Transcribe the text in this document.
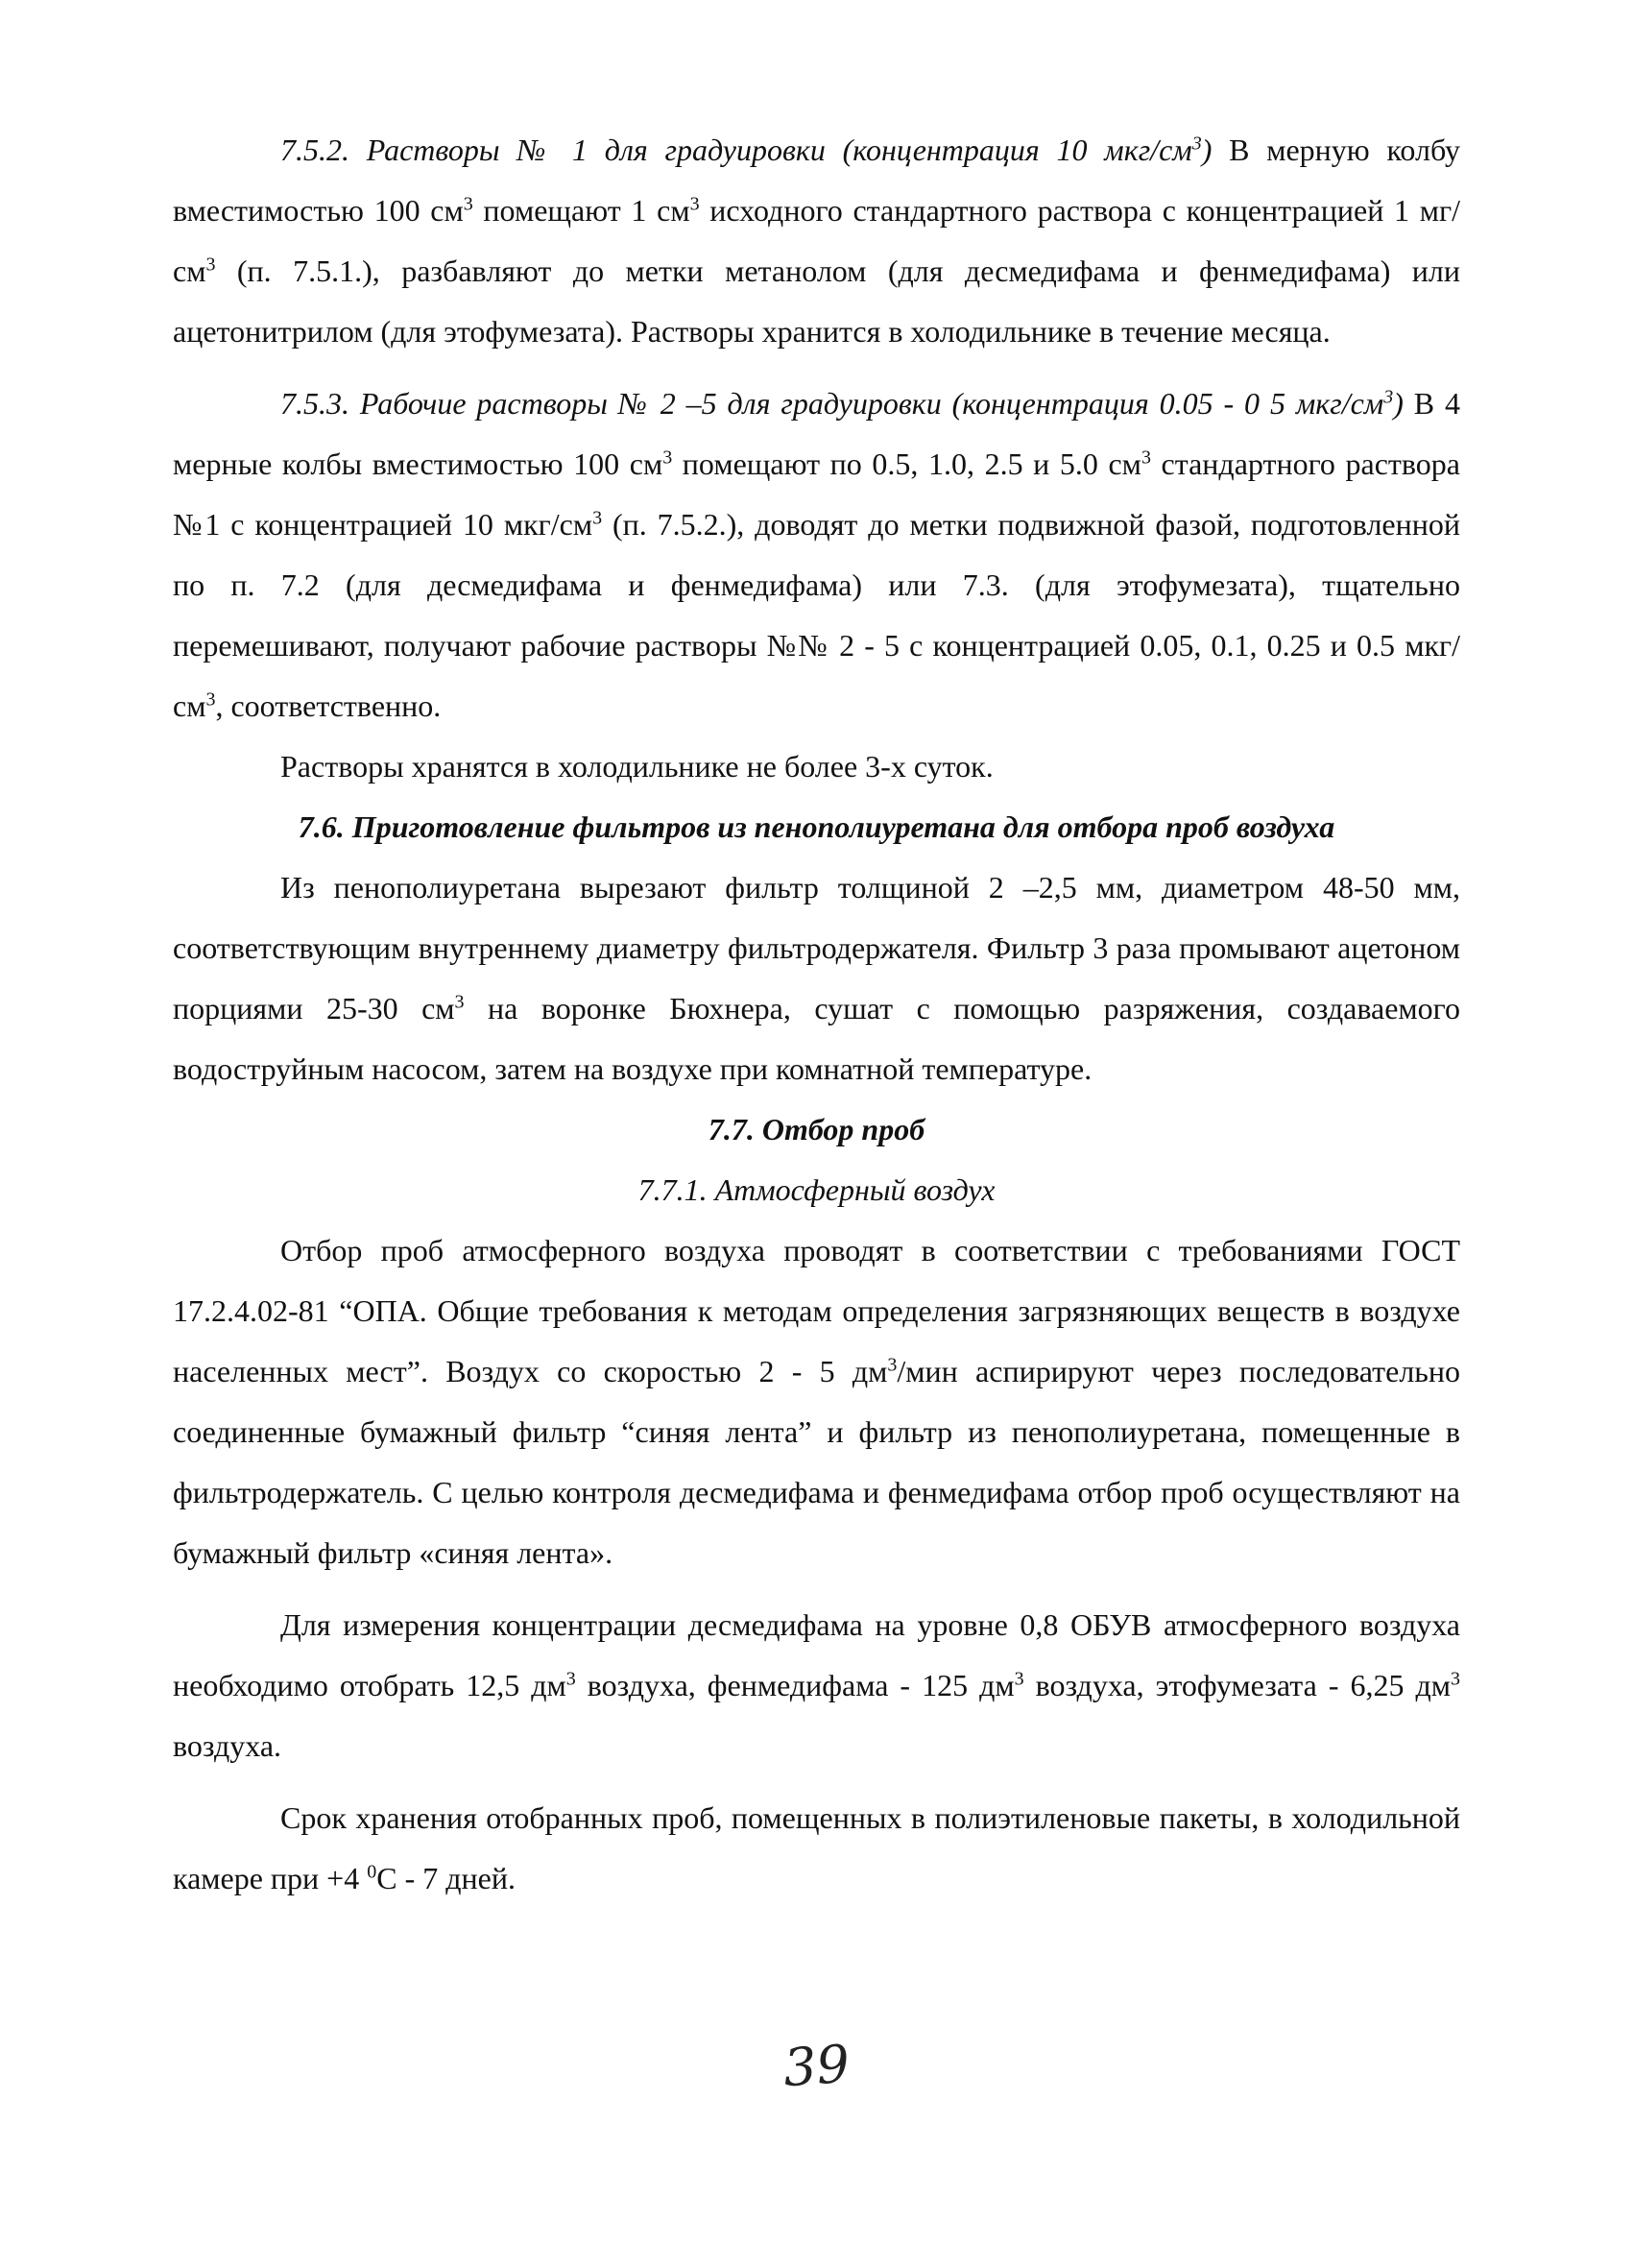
7.5.2. Растворы № 1 для градуировки (концентрация 10 мкг/$см^3$) В мерную колбу вместимостью 100 $см^3$ помещают 1 $см^3$ исходного стандартного раствора с концентрацией 1 $мг/см^3$ (п. 7.5.1.), разбавляют до метки метанолом (для десмедифама и фенмедифама) или ацетонитрилом (для этофумезата). Растворы хранится в холодильнике в течение месяца.

7.5.3. Рабочие растворы № 2 –5 для градуировки (концентрация 0.05 - 0 5 мкг/$см^3$) В 4 мерные колбы вместимостью 100 $см^3$ помещают по 0.5, 1.0, 2.5 и 5.0 $см^3$ стандартного раствора №1 с концентрацией 10 мкг/$см^3$ (п. 7.5.2.), доводят до метки подвижной фазой, подготовленной по п. 7.2 (для десмедифама и фенмедифама) или 7.3. (для этофумезата), тщательно перемешивают, получают рабочие растворы №№ 2 - 5 с концентрацией 0.05, 0.1, 0.25 и 0.5 мкг/$см^3$, соответственно.

Растворы хранятся в холодильнике не более 3-х суток.

7.6. Приготовление фильтров из пенополиуретана для отбора проб воздуха

Из пенополиуретана вырезают фильтр толщиной 2 –2,5 мм, диаметром 48-50 мм, соответствующим внутреннему диаметру фильтродержателя. Фильтр 3 раза промывают ацетоном порциями 25-30 $см^3$ на воронке Бюхнера, сушат с помощью разряжения, создаваемого водоструйным насосом, затем на воздухе при комнатной температуре.

7.7. Отбор проб

7.7.1. Атмосферный воздух

Отбор проб атмосферного воздуха проводят в соответствии с требованиями ГОСТ 17.2.4.02-81 “ОПА. Общие требования к методам определения загрязняющих веществ в воздухе населенных мест”. Воздух со скоростью 2 - 5 $дм^3$/мин аспирируют через последовательно соединенные бумажный фильтр “синяя лента” и фильтр из пенополиуретана, помещенные в фильтродержатель. С целью контроля десмедифама и фенмедифама отбор проб осуществляют на бумажный фильтр «синяя лента».

Для измерения концентрации десмедифама на уровне 0,8 ОБУВ атмосферного воздуха необходимо отобрать 12,5 $дм^3$ воздуха, фенмедифама - 125 $дм^3$ воздуха, этофумезата - 6,25 $дм^3$ воздуха.

Срок хранения отобранных проб, помещенных в полиэтиленовые пакеты, в холодильной камере при +4 $^0$С - 7 дней.

39
